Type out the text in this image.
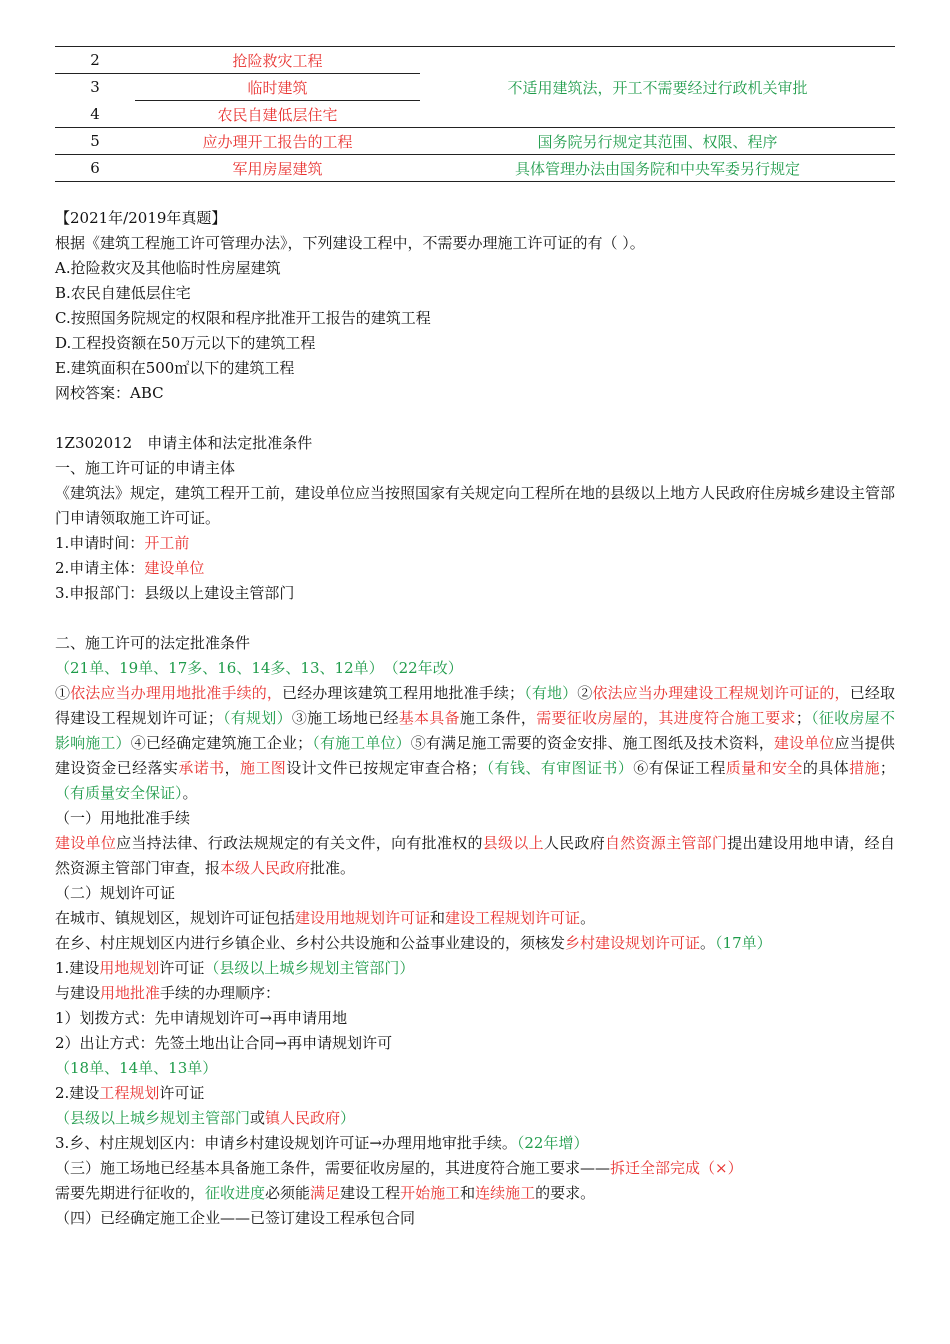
2	抢险救灾工程	不适用建筑法，开工不需要经过行政机关审批
3	临时建筑	
4	农民自建低层住宅	
5	应办理开工报告的工程	国务院另行规定其范围、权限、程序
6	军用房屋建筑	具体管理办法由国务院和中央军委另行规定
【2021年/2019年真题】
根据《建筑工程施工许可管理办法》，下列建设工程中，不需要办理施工许可证的有（ ）。
A.抢险救灾及其他临时性房屋建筑
B.农民自建低层住宅
C.按照国务院规定的权限和程序批准开工报告的建筑工程
D.工程投资额在50万元以下的建筑工程
E.建筑面积在500㎡以下的建筑工程
网校答案：ABC
1Z302012　申请主体和法定批准条件
一、施工许可证的申请主体

《建筑法》规定，建筑工程开工前，建设单位应当按照国家有关规定向工程所在地的县级以上地方人民政府住房城乡建设主管部门申请领取施工许可证。

1.申请时间：开工前
2.申请主体：建设单位
3.申报部门：县级以上建设主管部门
二、施工许可的法定批准条件
（21单、19单、17多、16、14多、13、12单）　（22年改）

①依法应当办理用地批准手续的，已经办理该建筑工程用地批准手续；（有地）②依法应当办理建设工程规划许可证的，已经取得建设工程规划许可证；（有规划）③施工场地已经基本具备施工条件，需要征收房屋的，其进度符合施工要求；（征收房屋不影响施工）④已经确定建筑施工企业；（有施工单位）⑤有满足施工需要的资金安排、施工图纸及技术资料，建设单位应当提供建设资金已经落实承诺书，施工图设计文件已按规定审查合格；（有钱、有审图证书）⑥有保证工程质量和安全的具体措施；（有质量安全保证）。

（一）用地批准手续

建设单位应当持法律、行政法规规定的有关文件，向有批准权的县级以上人民政府自然资源主管部门提出建设用地申请，经自然资源主管部门审查，报本级人民政府批准。

（二）规划许可证
在城市、镇规划区，规划许可证包括建设用地规划许可证和建设工程规划许可证。
在乡、村庄规划区内进行乡镇企业、乡村公共设施和公益事业建设的，须核发乡村建设规划许可证。（17单）
1.建设用地规划许可证（县级以上城乡规划主管部门）
与建设用地批准手续的办理顺序：
1）划拨方式：先申请规划许可→再申请用地
2）出让方式：先签土地出让合同→再申请规划许可
（18单、14单、13单）
2.建设工程规划许可证
（县级以上城乡规划主管部门或镇人民政府）
3.乡、村庄规划区内：申请乡村建设规划许可证→办理用地审批手续。（22年增）
（三）施工场地已经基本具备施工条件，需要征收房屋的，其进度符合施工要求——拆迁全部完成（×）
需要先期进行征收的，征收进度必须能满足建设工程开始施工和连续施工的要求。
（四）已经确定施工企业——已签订建设工程承包合同
